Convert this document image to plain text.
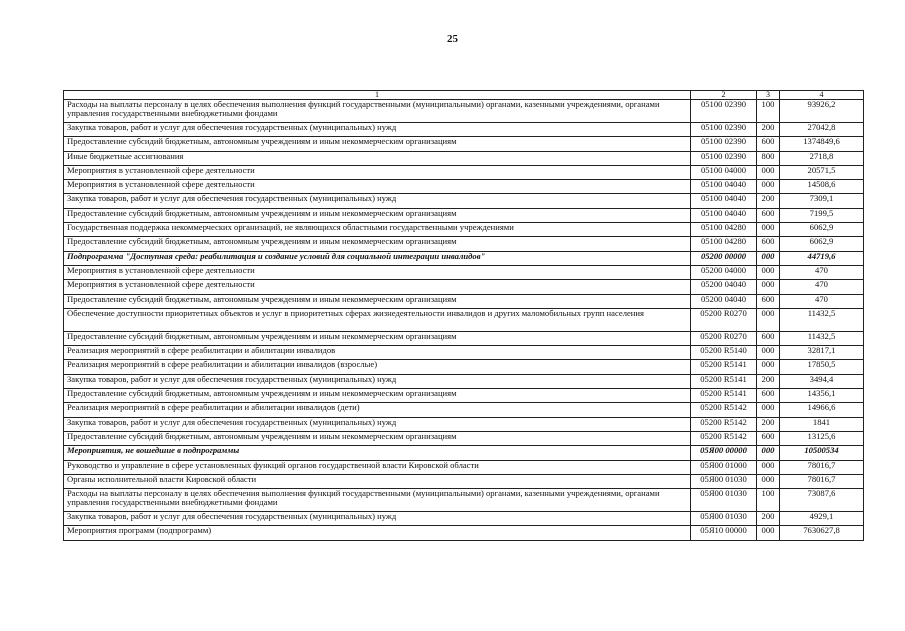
25
1	2	3	4
Расходы на выплаты персоналу в целях обеспечения выполнения функций государственными (муниципальными) органами, казенными учреждениями, органами управления государственными внебюджетными фондами	05100 02390	100	93926,2
Закупка товаров, работ и услуг для обеспечения государственных (муниципальных) нужд	05100 02390	200	27042,8
Предоставление субсидий бюджетным, автономным учреждениям и иным некоммерческим организациям	05100 02390	600	1374849,6
Иные бюджетные ассигнования	05100 02390	800	2718,8
Мероприятия в установленной сфере деятельности	05100 04000	000	20571,5
Мероприятия в установленной сфере деятельности	05100 04040	000	14508,6
Закупка товаров, работ и услуг для обеспечения государственных (муниципальных) нужд	05100 04040	200	7309,1
Предоставление субсидий бюджетным, автономным учреждениям и иным некоммерческим организациям	05100 04040	600	7199,5
Государственная поддержка некоммерческих организаций, не являющихся областными государственными учреждениями	05100 04280	000	6062,9
Предоставление субсидий бюджетным, автономным учреждениям и иным некоммерческим организациям	05100 04280	600	6062,9
Подпрограмма "Доступная среда: реабилитация и создание условий для социальной интеграции инвалидов"	05200 00000	000	44719,6
Мероприятия в установленной сфере деятельности	05200 04000	000	470
Мероприятия в установленной сфере деятельности	05200 04040	000	470
Предоставление субсидий бюджетным, автономным учреждениям и иным некоммерческим организациям	05200 04040	600	470
Обеспечение доступности приоритетных объектов и услуг в приоритетных сферах жизнедеятельности инвалидов и других маломобильных групп населения	05200 R0270	000	11432,5
Предоставление субсидий бюджетным, автономным учреждениям и иным некоммерческим организациям	05200 R0270	600	11432,5
Реализация мероприятий в сфере реабилитации и абилитации инвалидов	05200 R5140	000	32817,1
Реализация мероприятий в сфере реабилитации и абилитации инвалидов (взрослые)	05200 R5141	000	17850,5
Закупка товаров, работ и услуг для обеспечения государственных (муниципальных) нужд	05200 R5141	200	3494,4
Предоставление субсидий бюджетным, автономным учреждениям и иным некоммерческим организациям	05200 R5141	600	14356,1
Реализация мероприятий в сфере реабилитации и абилитации инвалидов (дети)	05200 R5142	000	14966,6
Закупка товаров, работ и услуг для обеспечения государственных (муниципальных) нужд	05200 R5142	200	1841
Предоставление субсидий бюджетным, автономным учреждениям и иным некоммерческим организациям	05200 R5142	600	13125,6
Мероприятия, не вошедшие в подпрограммы	05Я00 00000	000	10500534
Руководство и управление в сфере установленных функций органов государственной власти Кировской области	05Я00 01000	000	78016,7
Органы исполнительной власти Кировской области	05Я00 01030	000	78016,7
Расходы на выплаты персоналу в целях обеспечения выполнения функций государственными (муниципальными) органами, казенными учреждениями, органами управления государственными внебюджетными фондами	05Я00 01030	100	73087,6
Закупка товаров, работ и услуг для обеспечения государственных (муниципальных) нужд	05Я00 01030	200	4929,1
Мероприятия программ (подпрограмм)	05Я10 00000	000	7630627,8
